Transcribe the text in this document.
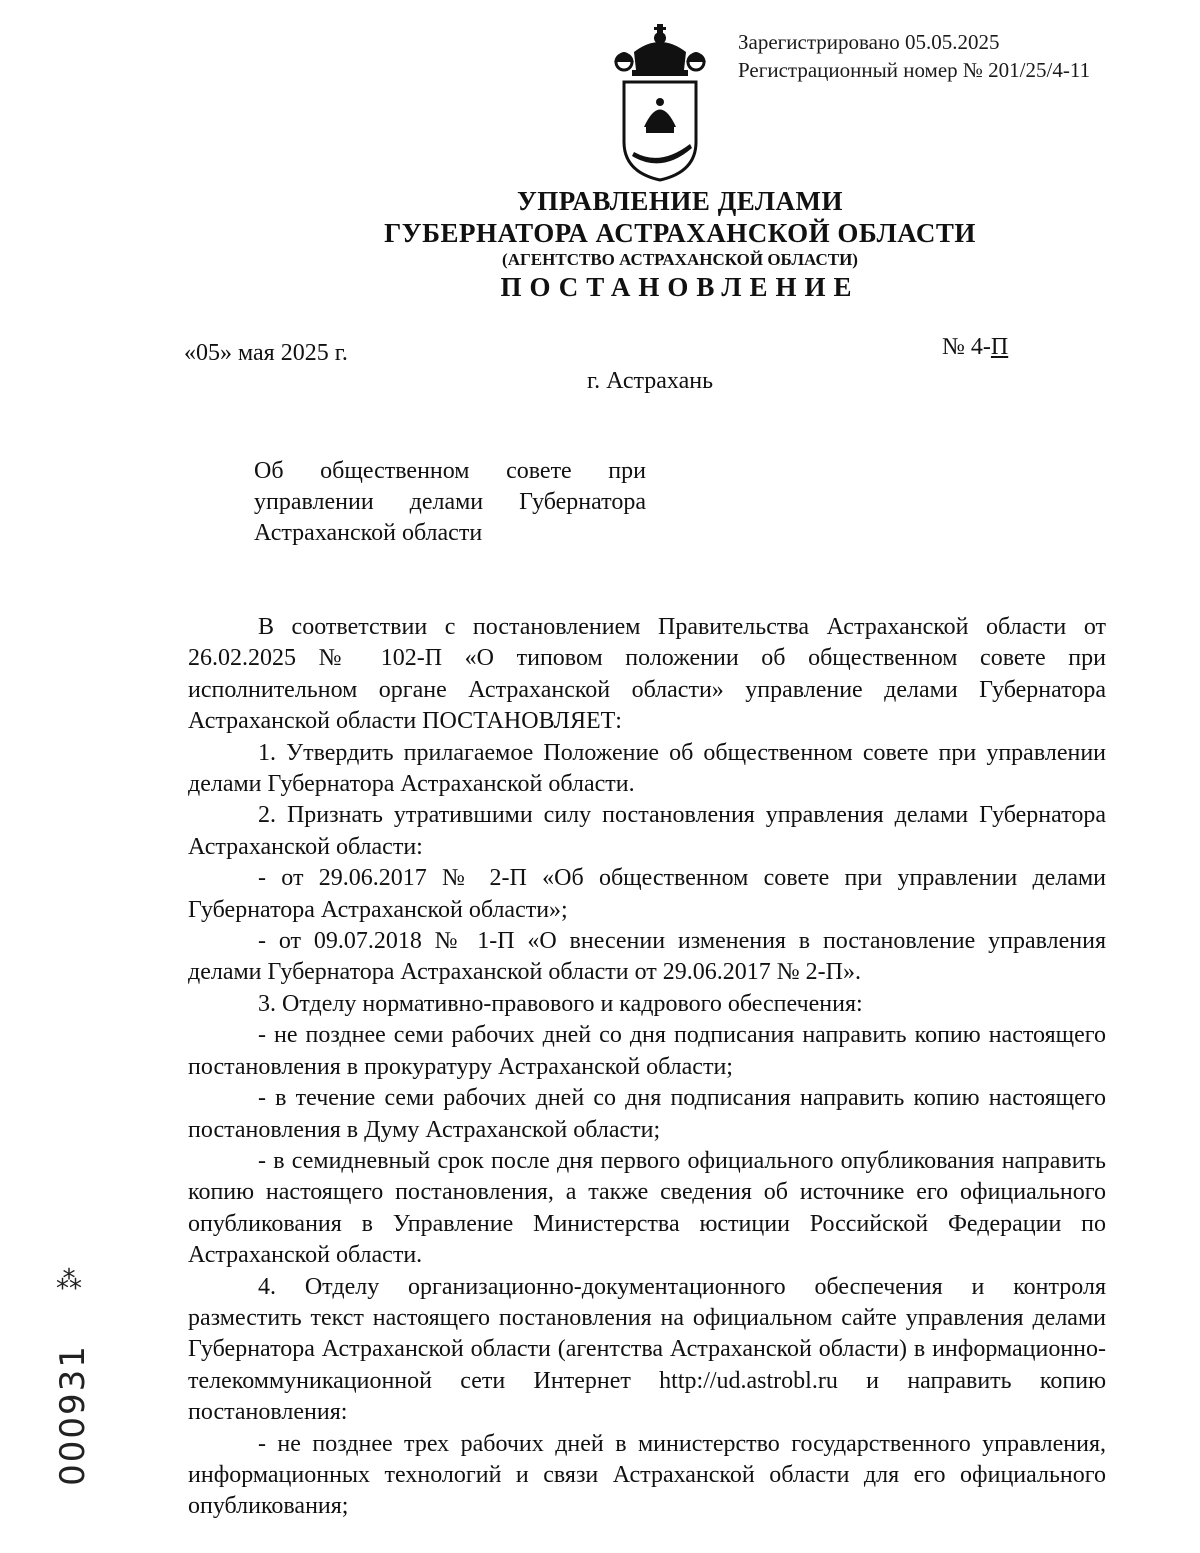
Зарегистрировано 05.05.2025
Регистрационный номер № 201/25/4-11
УПРАВЛЕНИЕ ДЕЛАМИ
ГУБЕРНАТОРА АСТРАХАНСКОЙ ОБЛАСТИ
(АГЕНТСТВО АСТРАХАНСКОЙ ОБЛАСТИ)
ПОСТАНОВЛЕНИЕ
«05» мая 2025 г.	№ 4-П
г. Астрахань
Об общественном совете при управлении делами Губернатора Астраханской области

В соответствии с постановлением Правительства Астраханской области от 26.02.2025 № 102-П «О типовом положении об общественном совете при исполнительном органе Астраханской области» управление делами Губернатора Астраханской области ПОСТАНОВЛЯЕТ:

1. Утвердить прилагаемое Положение об общественном совете при управлении делами Губернатора Астраханской области.

2. Признать утратившими силу постановления управления делами Губернатора Астраханской области:

- от 29.06.2017 № 2-П «Об общественном совете при управлении делами Губернатора Астраханской области»;

- от 09.07.2018 № 1-П «О внесении изменения в постановление управления делами Губернатора Астраханской области от 29.06.2017 № 2-П».

3. Отделу нормативно-правового и кадрового обеспечения:

- не позднее семи рабочих дней со дня подписания направить копию настоящего постановления в прокуратуру Астраханской области;

- в течение семи рабочих дней со дня подписания направить копию настоящего постановления в Думу Астраханской области;

- в семидневный срок после дня первого официального опубликования направить копию настоящего постановления, а также сведения об источнике его официального опубликования в Управление Министерства юстиции Российской Федерации по Астраханской области.

4. Отделу организационно-документационного обеспечения и контроля разместить текст настоящего постановления на официальном сайте управления делами Губернатора Астраханской области (агентства Астраханской области) в информационно-телекоммуникационной сети Интернет http://ud.astrobl.ru и направить копию постановления:

- не позднее трех рабочих дней в министерство государственного управления, информационных технологий и связи Астраханской области для его официального опубликования;

⁂
000931
